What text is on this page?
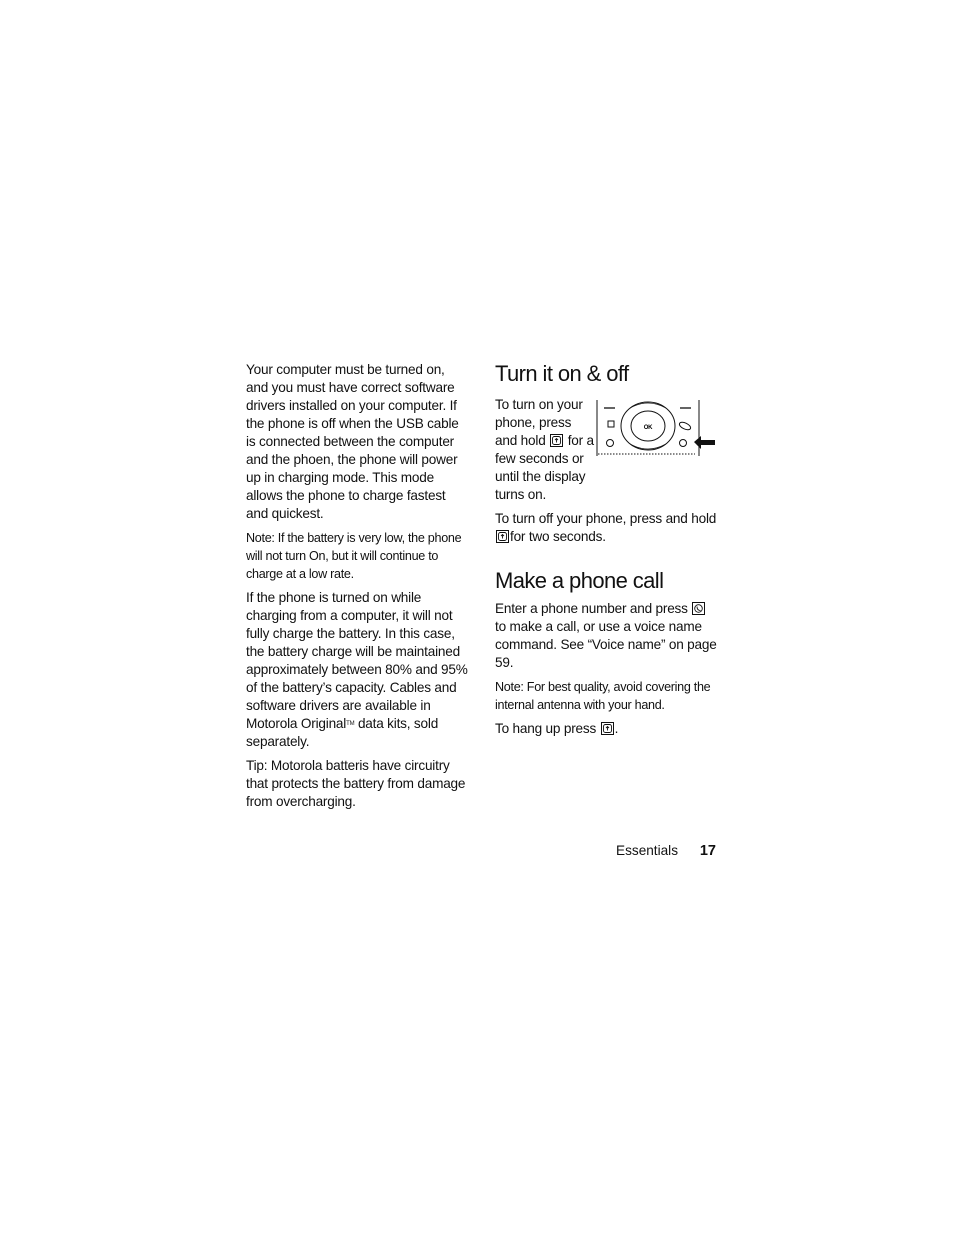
Your computer must be turned on, and you must have correct software drivers installed on your computer. If the phone is off when the USB cable is connected between the computer and the phoen, the phone will power up in charging mode. This mode allows the phone to charge fastest and quickest.

Note: If the battery is very low, the phone will not turn On, but it will continue to charge at a low rate.

If the phone is turned on while charging from a computer, it will not fully charge the battery. In this case, the battery charge will be maintained approximately between 80% and 95% of the battery’s capacity. Cables and software drivers are available in Motorola Original™ data kits, sold separately.

Tip: Motorola batteris have circuitry that protects the battery from damage from overcharging.

Turn it on & off

To turn on your phone, press and hold for a few seconds or until the display turns on.

OK

To turn off your phone, press and hold
for two seconds.

Make a phone call

Enter a phone number and press
to make a call, or use a voice name command. See “Voice name” on page 59.

Note: For best quality, avoid covering the internal antenna with your hand.

To hang up press .

Essentials 17
